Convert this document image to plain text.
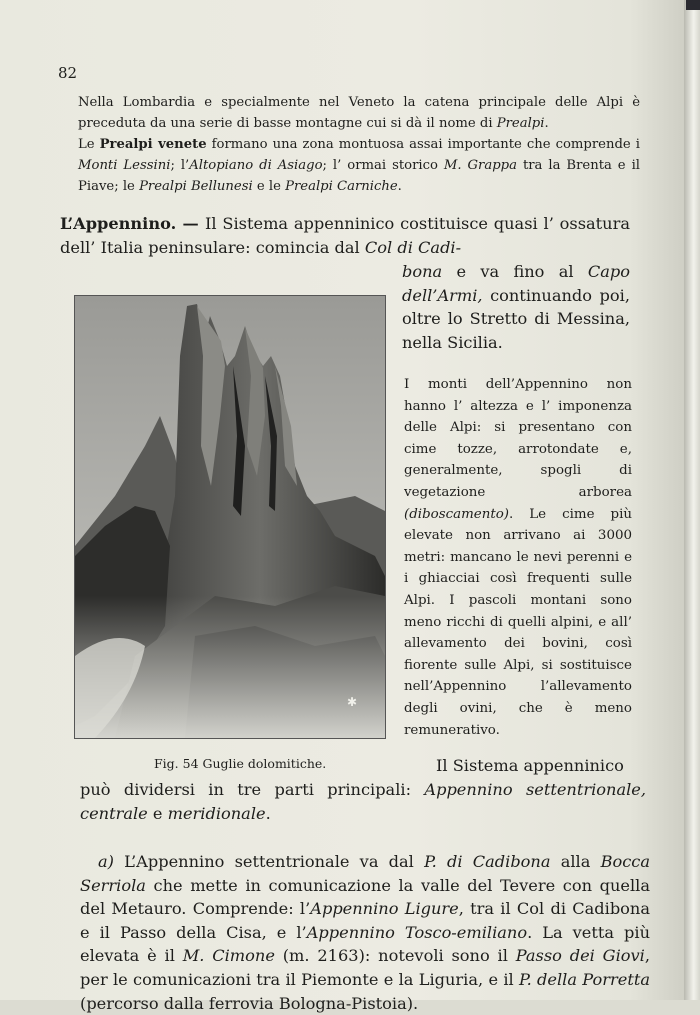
82

Nella Lombardia e specialmente nel Veneto la catena principale delle Alpi è preceduta da una serie di basse montagne cui si dà il nome di Prealpi.

Le Prealpi venete formano una zona montuosa assai importante che comprende i Monti Lessini; l’Altopiano di Asiago; l’ ormai storico M. Grappa tra la Brenta e il Piave; le Prealpi Bellunesi e le Prealpi Carniche.

L’Appennino. — Il Sistema appenninico costituisce quasi l’ ossatura dell’ Italia peninsulare: comincia dal Col di Cadi-

bona e va fino al Capo dell’Armi, continuando poi, oltre lo Stretto di Messina, nella Sicilia.

✱

I monti dell’Appennino non hanno l’ altezza e l’ imponenza delle Alpi: si presentano con cime tozze, arrotondate e, generalmente, spogli di vegetazione arborea (diboscamento). Le cime più elevate non arrivano ai 3000 metri: mancano le nevi perenni e i ghiacciai così frequenti sulle Alpi. I pascoli montani sono meno ricchi di quelli alpini, e all’ allevamento dei bovini, così fiorente sulle Alpi, si sostituisce nell’Appennino l’allevamento degli ovini, che è meno remunerativo.

Fig. 54 Guglie dolomitiche.	Il Sistema appenninico

può dividersi in tre parti principali: Appennino settentrionale, centrale e meridionale.

a) L’Appennino settentrionale va dal P. di Cadibona alla Bocca Serriola che mette in comunicazione la valle del Tevere con quella del Metauro. Comprende: l’Appennino Ligure, tra il Col di Cadibona e il Passo della Cisa, e l’Appennino Tosco-emiliano. La vetta più elevata è il M. Cimone (m. 2163): notevoli sono il Passo dei Giovi, per le comunicazioni tra il Piemonte e la Liguria, e il P. della Porretta (percorso dalla ferrovia Bologna-Pistoia).
